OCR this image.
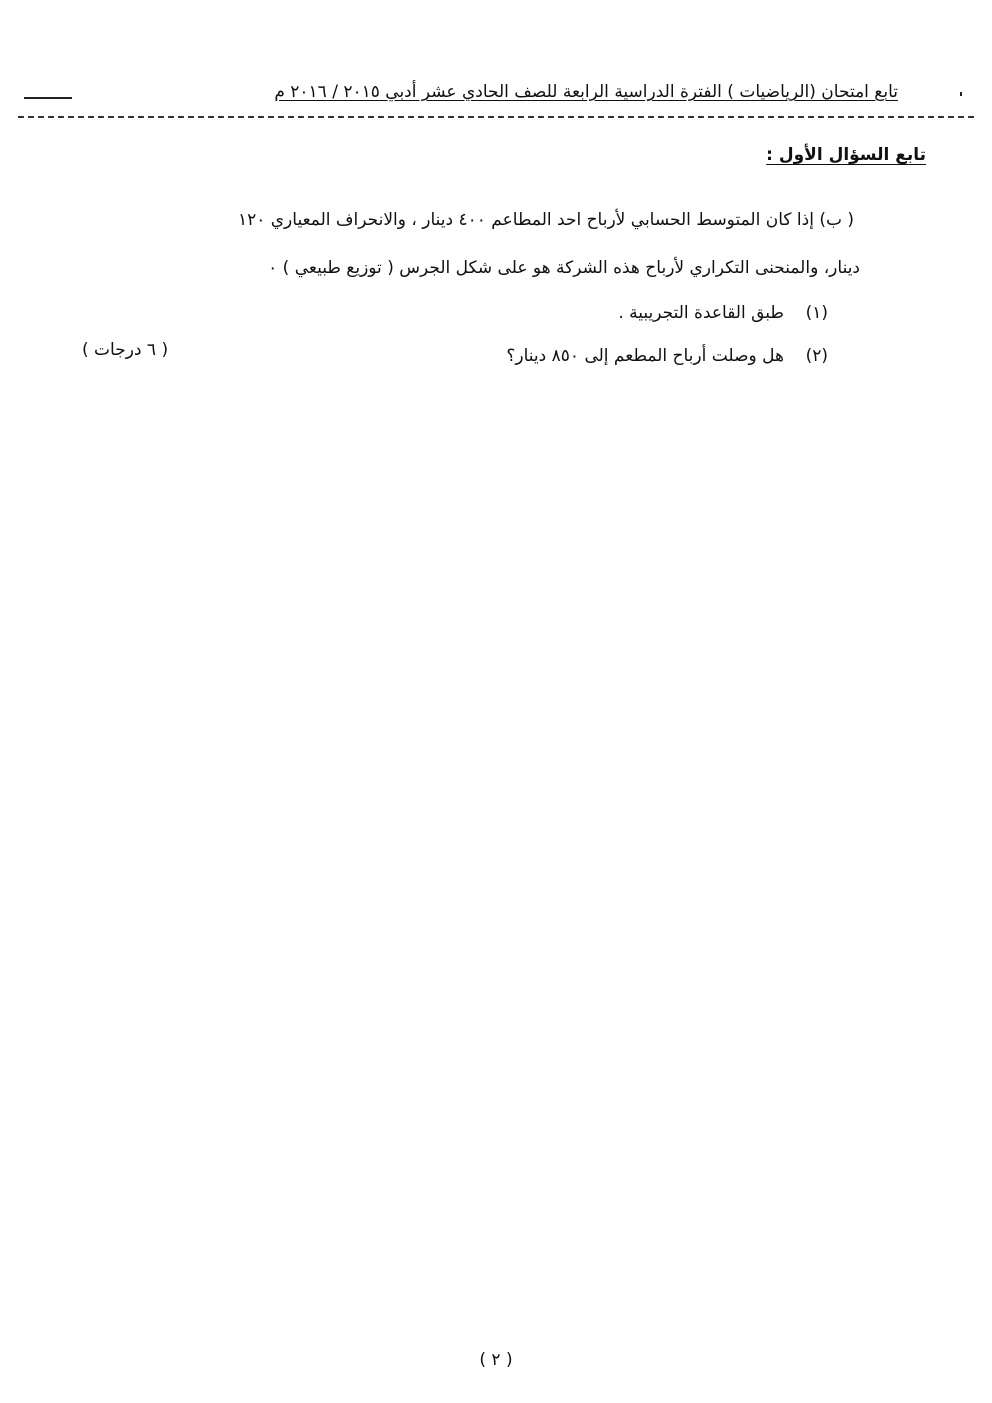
تابع امتحان (الرياضيات ) الفترة الدراسية الرابعة للصف الحادي عشر أدبي ٢٠١٥ / ٢٠١٦ م
تابع السؤال الأول :
( ب) إذا كان المتوسط الحسابي لأرباح احد المطاعم ٤٠٠ دينار ، والانحراف المعياري ١٢٠
دينار، والمنحنى التكراري لأرباح هذه الشركة هو على شكل الجرس ( توزيع طبيعي ) ٠
(١)    طبق القاعدة التجريبية .
(٢)    هل وصلت أرباح المطعم إلى ٨٥٠ دينار؟
( ٦ درجات )
( ٢ )
